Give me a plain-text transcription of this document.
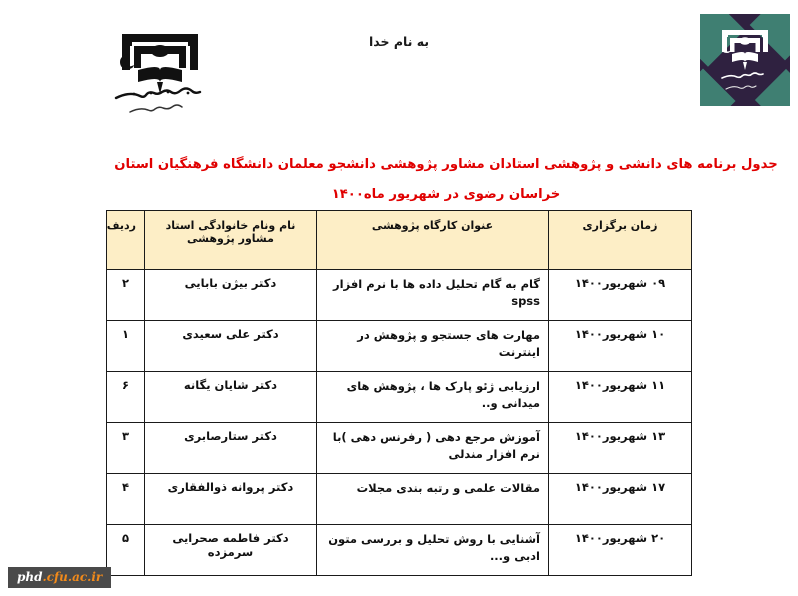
به نام خدا
جدول برنامه های دانشی و پژوهشی استادان مشاور پژوهشی دانشجو معلمان دانشگاه فرهنگیان استان خراسان رضوی در شهریور ماه۱۴۰۰
زمان برگزاری	عنوان کارگاه پژوهشی	نام ونام خانوادگی استاد مشاور پژوهشی	ردیف
۰۹ شهریور۱۴۰۰	گام به گام تحلیل داده ها با نرم افزار spss	دکتر بیژن بابایی	۲
۱۰ شهریور۱۴۰۰	مهارت های جستجو و پژوهش در اینترنت	دکتر علی سعیدی	۱
۱۱ شهریور۱۴۰۰	ارزیابی ژئو پارک ها ، پژوهش های میدانی و..	دکتر شایان یگانه	۶
۱۳ شهریور۱۴۰۰	آموزش مرجع دهی ( رفرنس دهی )با نرم افزار مندلی	دکتر ستارصابری	۳
۱۷ شهریور۱۴۰۰	مقالات علمی و رتبه بندی مجلات	دکتر پروانه ذوالفقاری	۴
۲۰ شهریور۱۴۰۰	آشنایی با روش تحلیل و بررسی متون ادبی و...	دکتر فاطمه صحرایی سرمزده	۵
phd.cfu.ac.ir
